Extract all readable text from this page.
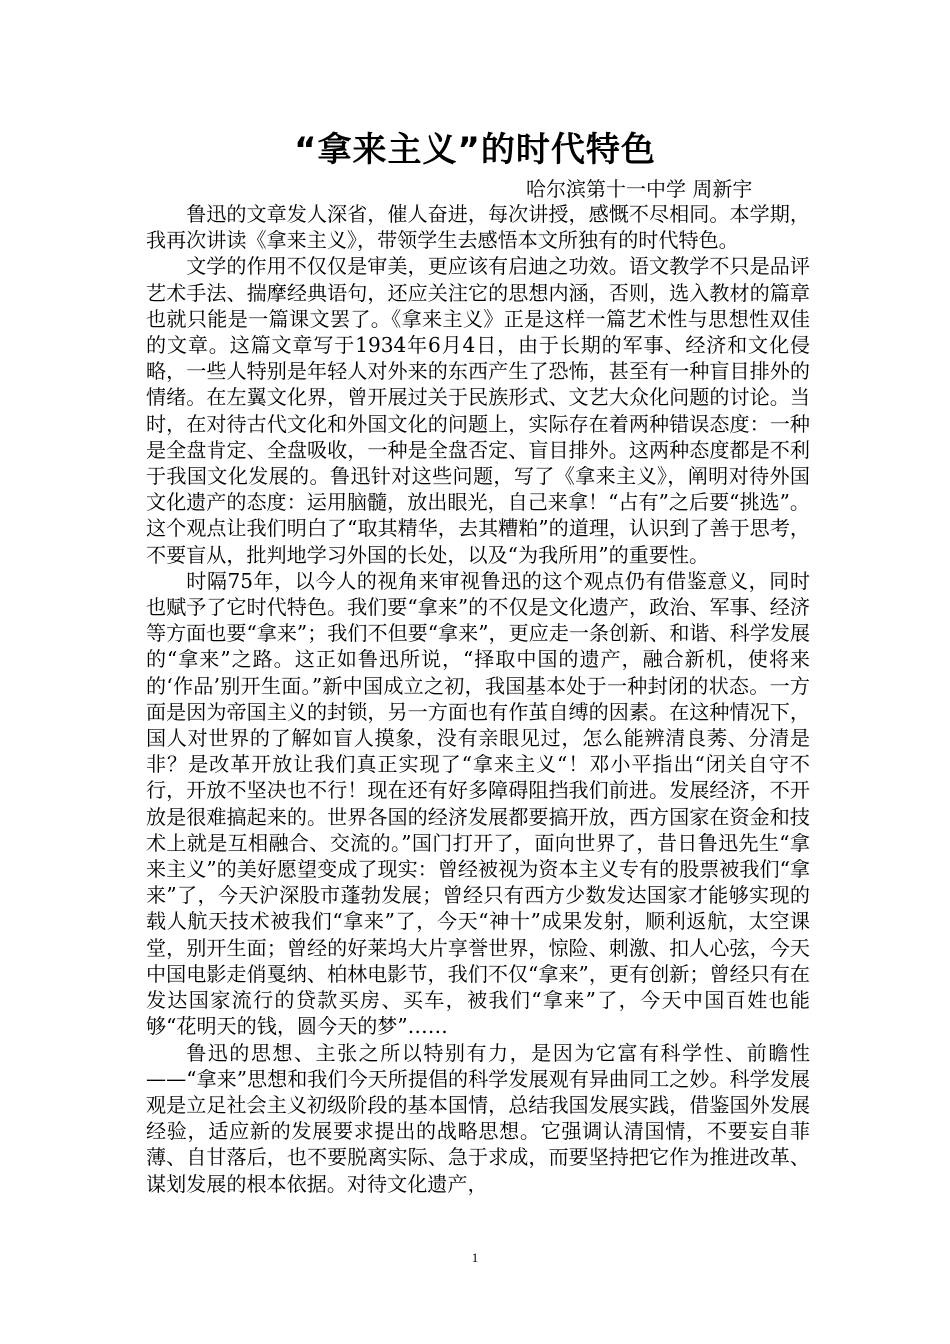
“拿来主义”的时代特色
哈尔滨第十一中学 周新宇

鲁迅的文章发人深省，催人奋进，每次讲授，感慨不尽相同。本学期，我再次讲读《拿来主义》，带领学生去感悟本文所独有的时代特色。

文学的作用不仅仅是审美，更应该有启迪之功效。语文教学不只是品评艺术手法、揣摩经典语句，还应关注它的思想内涵，否则，选入教材的篇章也就只能是一篇课文罢了。《拿来主义》正是这样一篇艺术性与思想性双佳的文章。这篇文章写于1934年6月4日，由于长期的军事、经济和文化侵略，一些人特别是年轻人对外来的东西产生了恐怖，甚至有一种盲目排外的情绪。在左翼文化界，曾开展过关于民族形式、文艺大众化问题的讨论。当时，在对待古代文化和外国文化的问题上，实际存在着两种错误态度：一种是全盘肯定、全盘吸收，一种是全盘否定、盲目排外。这两种态度都是不利于我国文化发展的。鲁迅针对这些问题，写了《拿来主义》，阐明对待外国文化遗产的态度：运用脑髓，放出眼光，自己来拿！“占有”之后要“挑选”。这个观点让我们明白了“取其精华，去其糟粕”的道理，认识到了善于思考，不要盲从，批判地学习外国的长处，以及“为我所用”的重要性。

时隔75年，以今人的视角来审视鲁迅的这个观点仍有借鉴意义，同时也赋予了它时代特色。我们要“拿来”的不仅是文化遗产，政治、军事、经济等方面也要“拿来”；我们不但要“拿来”，更应走一条创新、和谐、科学发展的“拿来”之路。这正如鲁迅所说，“择取中国的遗产，融合新机，使将来的‘作品’别开生面。”新中国成立之初，我国基本处于一种封闭的状态。一方面是因为帝国主义的封锁，另一方面也有作茧自缚的因素。在这种情况下，国人对世界的了解如盲人摸象，没有亲眼见过，怎么能辨清良莠、分清是非？是改革开放让我们真正实现了“拿来主义“！邓小平指出“闭关自守不行，开放不坚决也不行！现在还有好多障碍阻挡我们前进。发展经济，不开放是很难搞起来的。世界各国的经济发展都要搞开放，西方国家在资金和技术上就是互相融合、交流的。”国门打开了，面向世界了，昔日鲁迅先生“拿来主义”的美好愿望变成了现实：曾经被视为资本主义专有的股票被我们“拿来”了，今天沪深股市蓬勃发展；曾经只有西方少数发达国家才能够实现的载人航天技术被我们“拿来”了，今天“神十”成果发射，顺利返航，太空课堂，别开生面；曾经的好莱坞大片享誉世界，惊险、刺激、扣人心弦，今天中国电影走俏戛纳、柏林电影节，我们不仅“拿来”，更有创新；曾经只有在发达国家流行的贷款买房、买车，被我们“拿来”了，今天中国百姓也能够“花明天的钱，圆今天的梦”……

鲁迅的思想、主张之所以特别有力，是因为它富有科学性、前瞻性——“拿来”思想和我们今天所提倡的科学发展观有异曲同工之妙。科学发展观是立足社会主义初级阶段的基本国情，总结我国发展实践，借鉴国外发展经验，适应新的发展要求提出的战略思想。它强调认清国情，不要妄自菲薄、自甘落后，也不要脱离实际、急于求成，而要坚持把它作为推进改革、谋划发展的根本依据。对待文化遗产，

1
